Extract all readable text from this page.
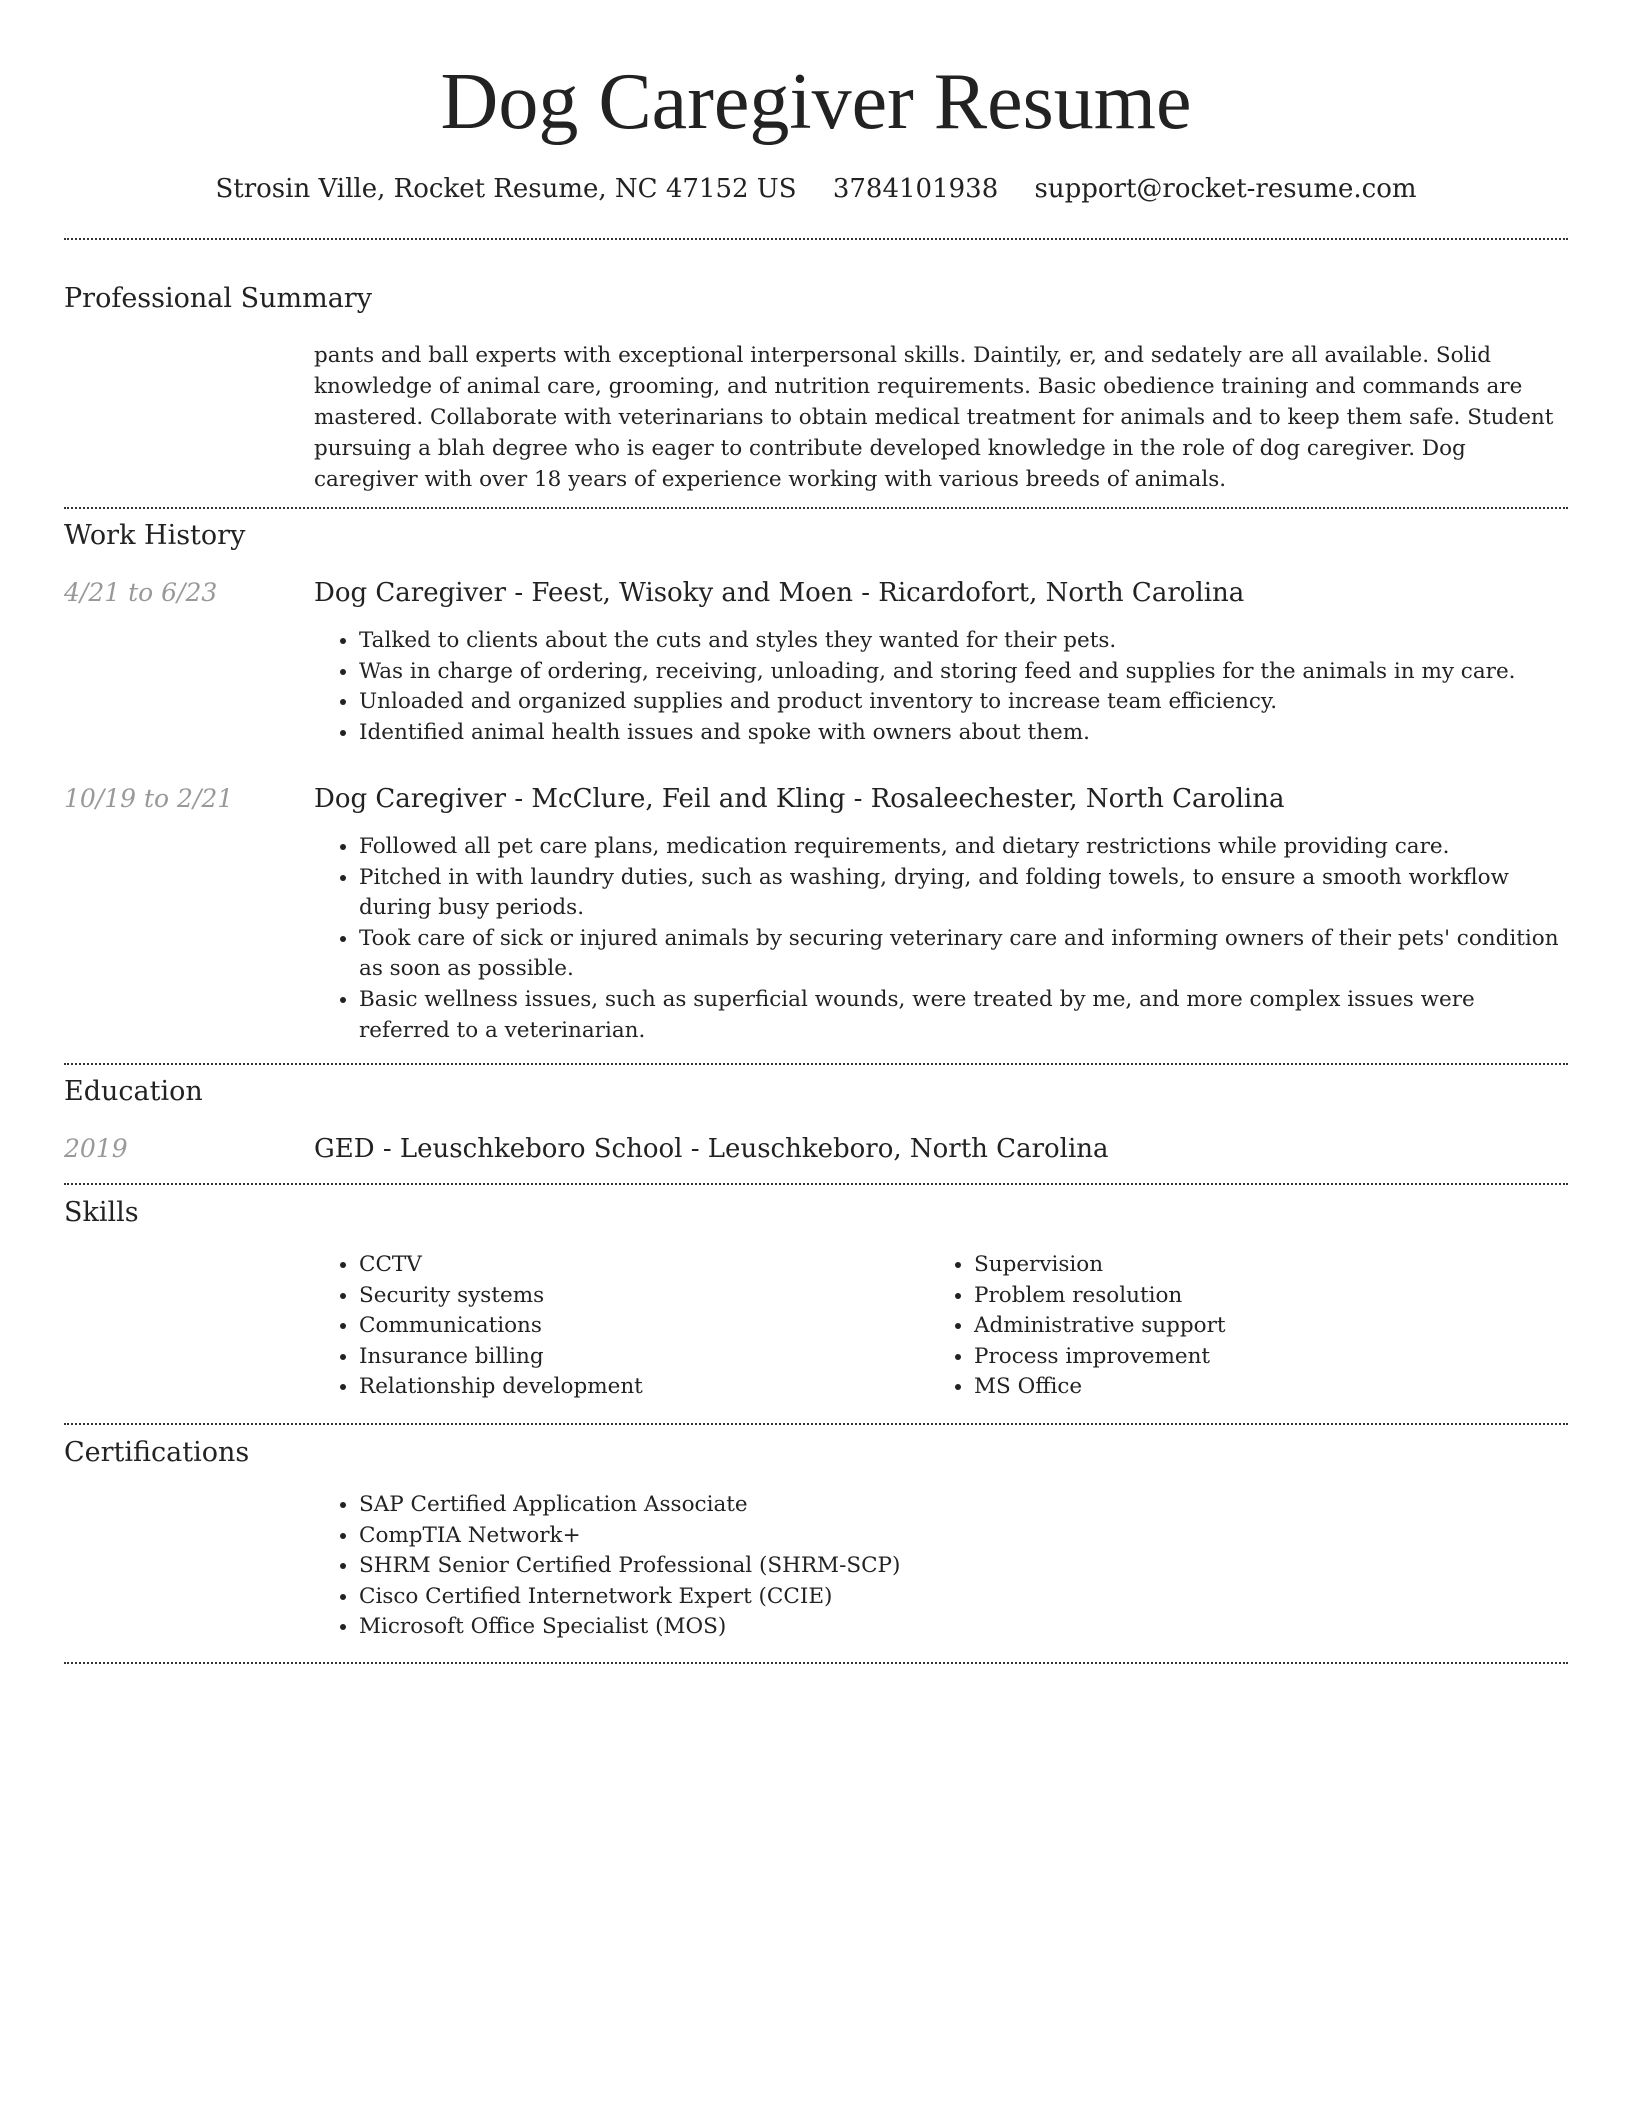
Dog Caregiver Resume
Strosin Ville, Rocket Resume, NC 47152 US 3784101938 support@rocket-resume.com
Professional Summary

pants and ball experts with exceptional interpersonal skills. Daintily, er, and sedately are all available. Solid knowledge of animal care, grooming, and nutrition requirements. Basic obedience training and commands are mastered. Collaborate with veterinarians to obtain medical treatment for animals and to keep them safe. Student pursuing a blah degree who is eager to contribute developed knowledge in the role of dog caregiver. Dog caregiver with over 18 years of experience working with various breeds of animals.

Work History
4/21 to 6/23	Dog Caregiver - Feest, Wisoky and Moen - Ricardofort, North Carolina
• Talked to clients about the cuts and styles they wanted for their pets.
• Was in charge of ordering, receiving, unloading, and storing feed and supplies for the animals in my care.
• Unloaded and organized supplies and product inventory to increase team efficiency.
• Identified animal health issues and spoke with owners about them.
10/19 to 2/21	Dog Caregiver - McClure, Feil and Kling - Rosaleechester, North Carolina
• Followed all pet care plans, medication requirements, and dietary restrictions while providing care.
• Pitched in with laundry duties, such as washing, drying, and folding towels, to ensure a smooth workflow during busy periods.
• Took care of sick or injured animals by securing veterinary care and informing owners of their pets' condition as soon as possible.
• Basic wellness issues, such as superficial wounds, were treated by me, and more complex issues were referred to a veterinarian.
Education
2019	GED - Leuschkeboro School - Leuschkeboro, North Carolina
Skills
• CCTV
• Security systems
• Communications
• Insurance billing
• Relationship development
• Supervision
• Problem resolution
• Administrative support
• Process improvement
• MS Office
Certifications
• SAP Certified Application Associate
• CompTIA Network+
• SHRM Senior Certified Professional (SHRM-SCP)
• Cisco Certified Internetwork Expert (CCIE)
• Microsoft Office Specialist (MOS)
